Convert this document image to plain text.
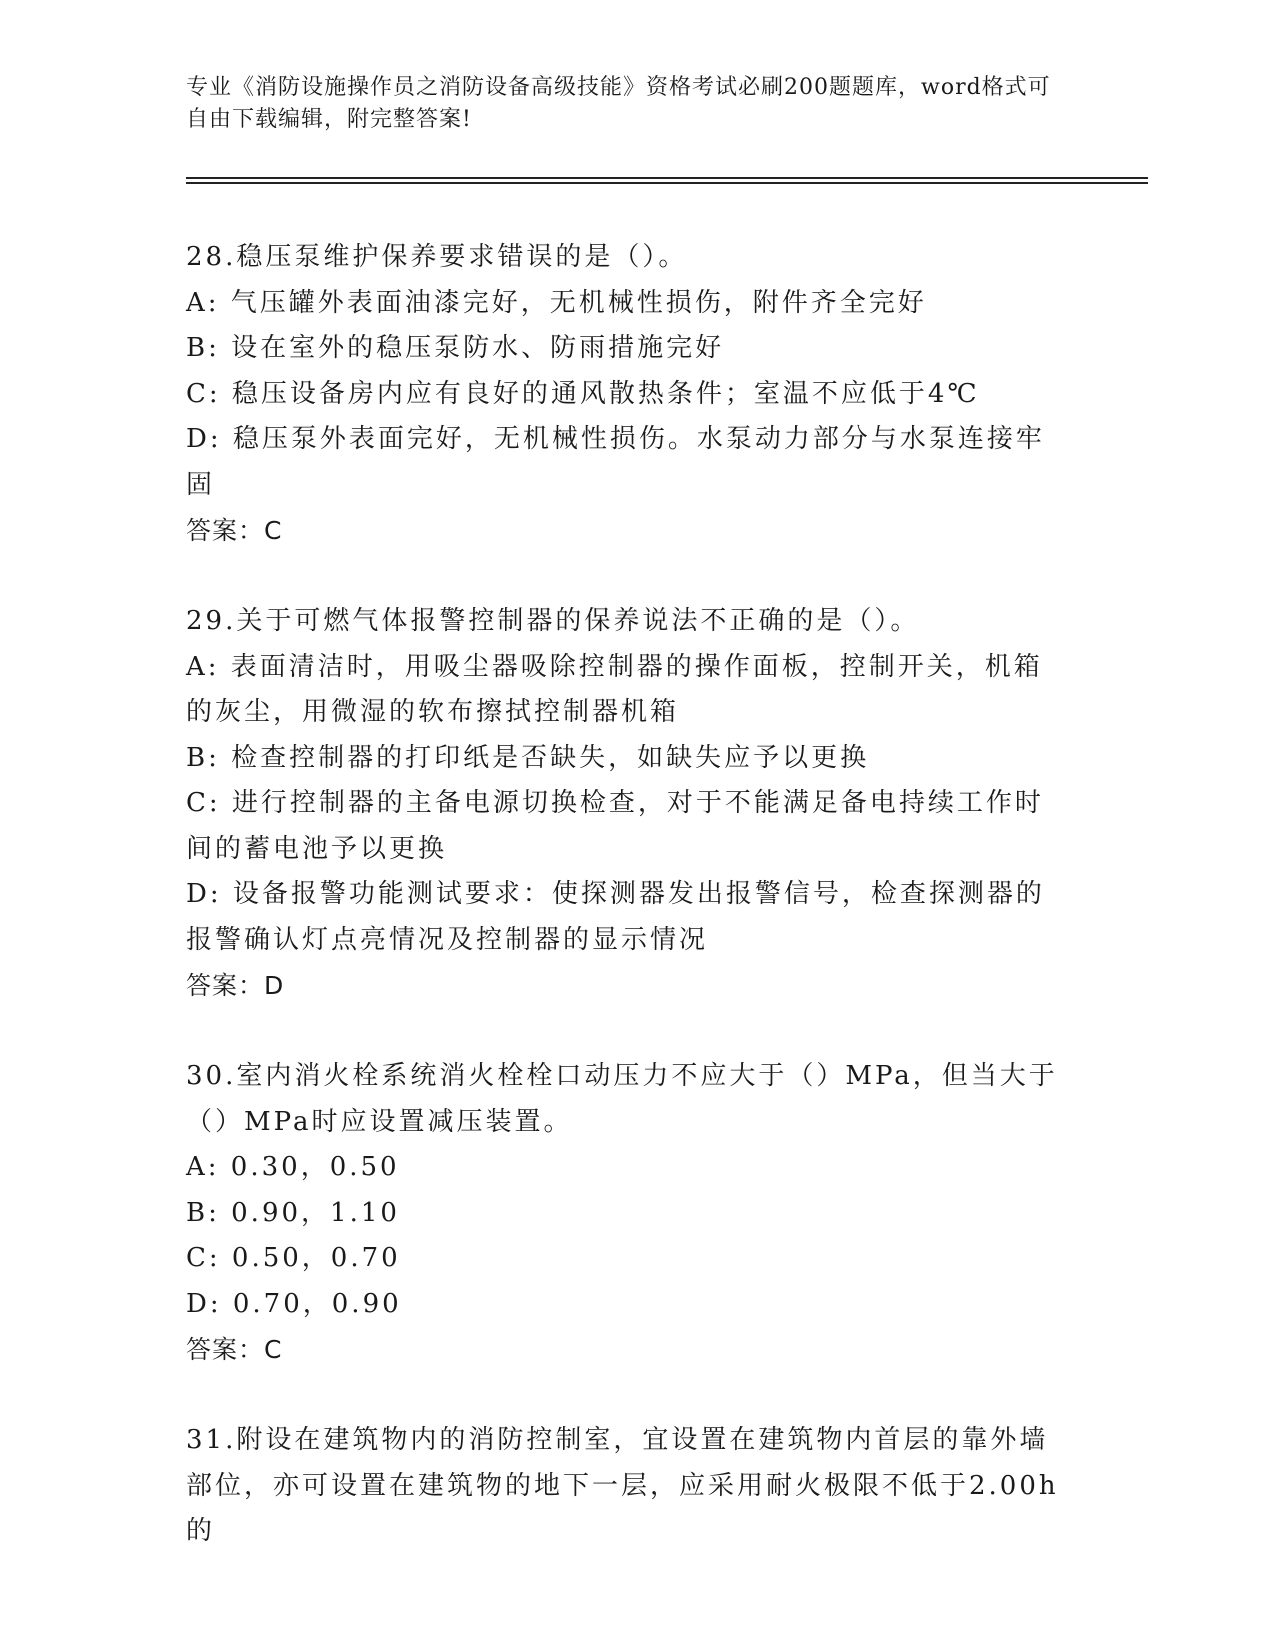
专业《消防设施操作员之消防设备高级技能》资格考试必刷200题题库，word格式可自由下载编辑，附完整答案!

28.稳压泵维护保养要求错误的是（）。

A: 气压罐外表面油漆完好，无机械性损伤，附件齐全完好

B: 设在室外的稳压泵防水、防雨措施完好

C: 稳压设备房内应有良好的通风散热条件；室温不应低于4℃

D: 稳压泵外表面完好，无机械性损伤。水泵动力部分与水泵连接牢固

答案：C

29.关于可燃气体报警控制器的保养说法不正确的是（）。

A: 表面清洁时，用吸尘器吸除控制器的操作面板，控制开关，机箱的灰尘，用微湿的软布擦拭控制器机箱

B: 检查控制器的打印纸是否缺失，如缺失应予以更换

C: 进行控制器的主备电源切换检查，对于不能满足备电持续工作时间的蓄电池予以更换

D: 设备报警功能测试要求：使探测器发出报警信号，检查探测器的报警确认灯点亮情况及控制器的显示情况

答案：D

30.室内消火栓系统消火栓栓口动压力不应大于（）MPa，但当大于（）MPa时应设置减压装置。

A: 0.30，0.50

B: 0.90，1.10

C: 0.50，0.70

D: 0.70，0.90

答案：C

31.附设在建筑物内的消防控制室，宜设置在建筑物内首层的靠外墙部位，亦可设置在建筑物的地下一层，应采用耐火极限不低于2.00h的
